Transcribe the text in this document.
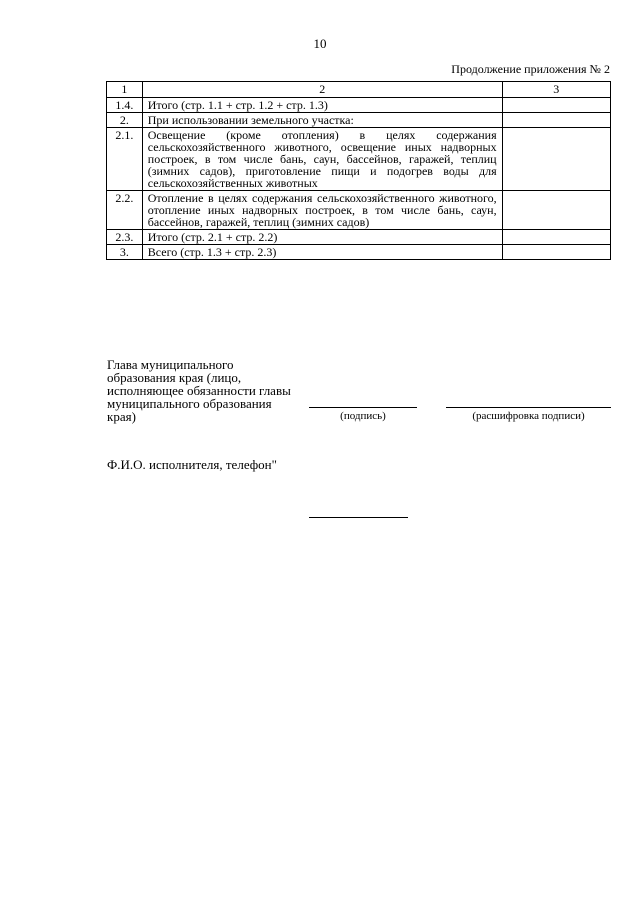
10
Продолжение приложения № 2
1	2	3
1.4.	Итого (стр. 1.1 + стр. 1.2 + стр. 1.3)	
2.	При использовании земельного участка:	
2.1.	Освещение (кроме отопления) в целях содержания сельскохозяйственного животного, освещение иных надворных построек, в том числе бань, саун, бассейнов, гаражей, теплиц (зимних садов), приготовление пищи и подогрев воды для сельскохозяйственных животных	
2.2.	Отопление в целях содержания сельскохозяйственного животного, отопление иных надворных построек, в том числе бань, саун, бассейнов, гаражей, теплиц (зимних садов)	
2.3.	Итого (стр. 2.1 + стр. 2.2)	
3.	Всего (стр. 1.3 + стр. 2.3)	
Глава муниципального образования края (лицо, исполняющее обязанности главы муниципального образования края)	(подпись)	(расшифровка подписи)
Ф.И.О. исполнителя, телефон"
